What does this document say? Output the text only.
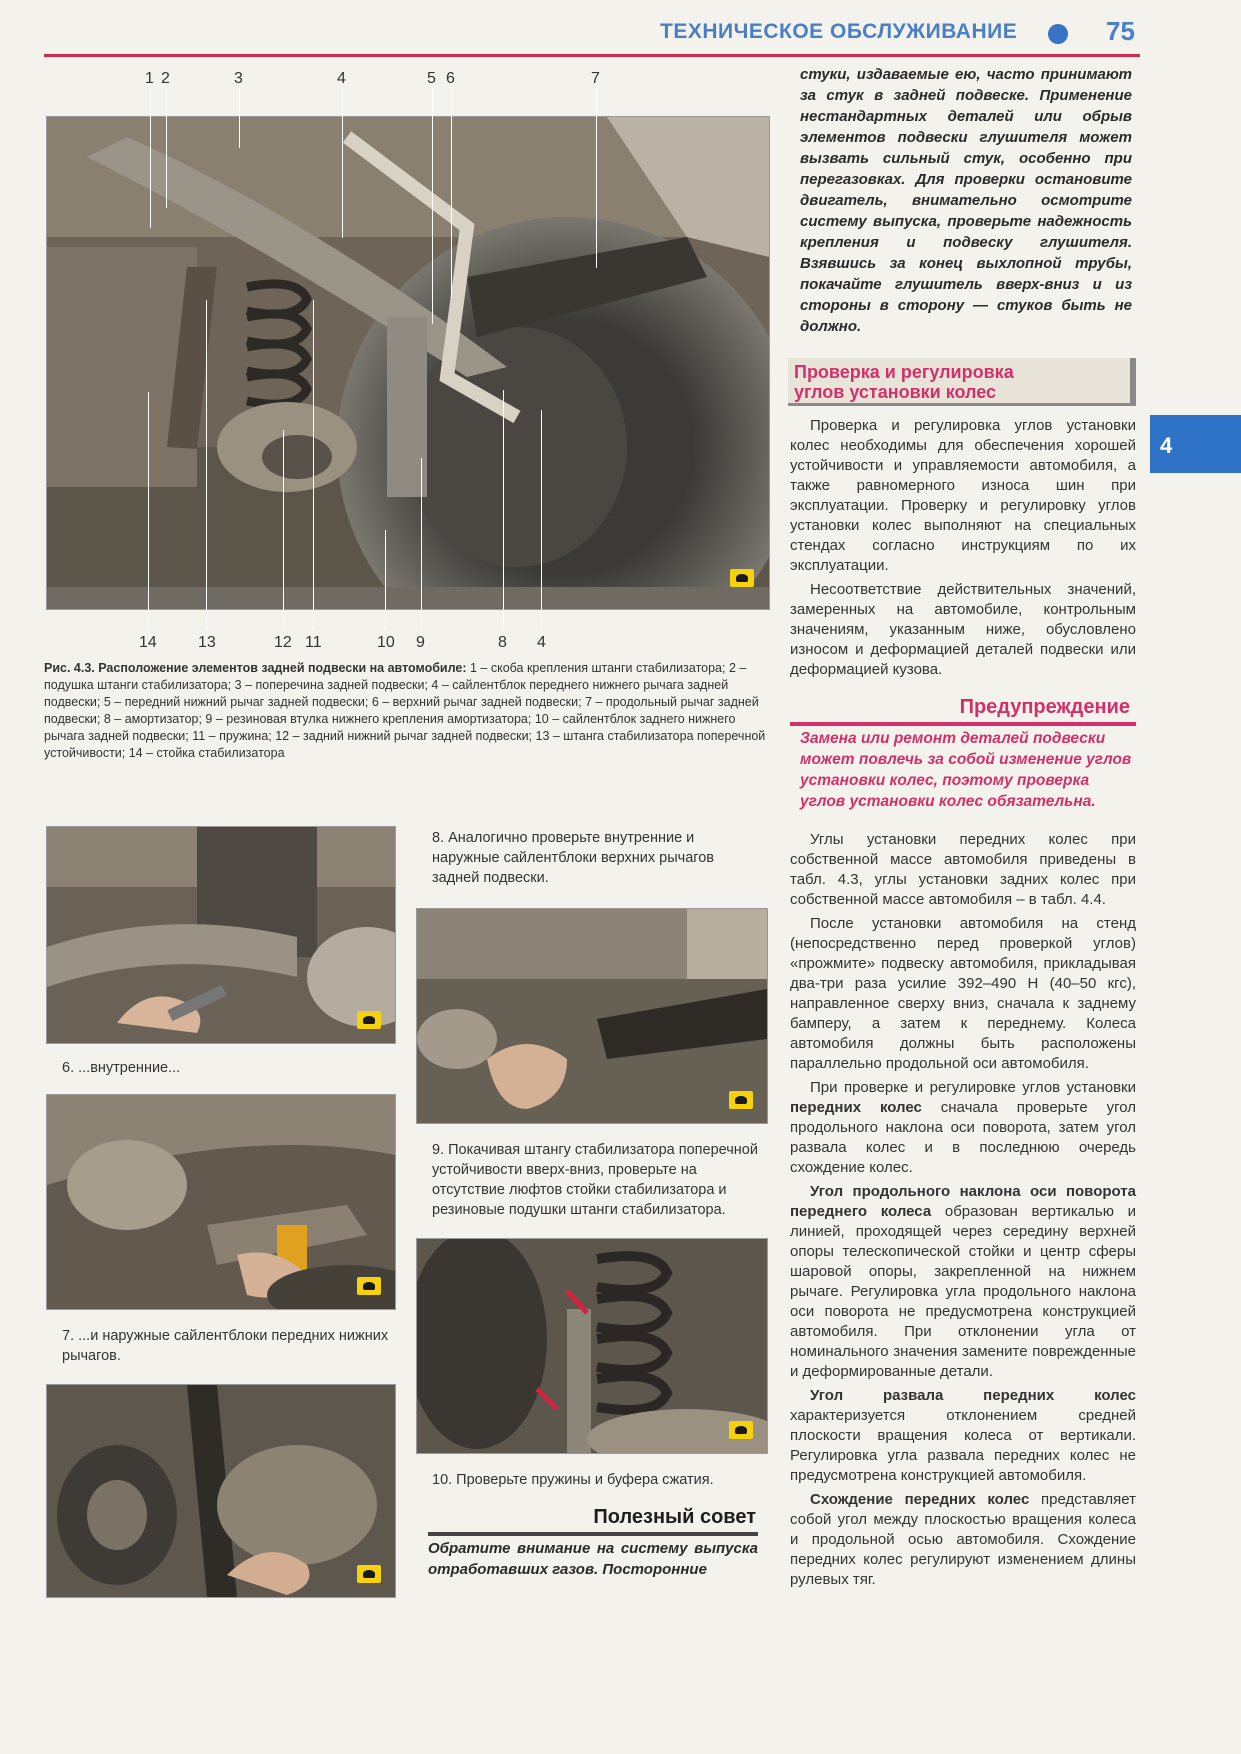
ТЕХНИЧЕСКОЕ ОБСЛУЖИВАНИЕ	75
4
1 2	3	4	5 6	7
14	13	12 11	10 9	8 4
Рис. 4.3. Расположение элементов задней подвески на автомобиле: 1 – скоба крепления штанги стабилизатора; 2 – подушка штанги стабилизатора; 3 – поперечина задней подвески; 4 – сайлентблок переднего нижнего рычага задней подвески; 5 – передний нижний рычаг задней подвески; 6 – верхний рычаг задней подвески; 7 – продольный рычаг задней подвески; 8 – амортизатор; 9 – резиновая втулка нижнего крепления амортизатора; 10 – сайлентблок заднего нижнего рычага задней подвески; 11 – пружина; 12 – задний нижний рычаг задней подвески; 13 – штанга стабилизатора поперечной устойчивости; 14 – стойка стабилизатора
6. ...внутренние...
7. ...и наружные сайлентблоки передних нижних рычагов.
8. Аналогично проверьте внутренние и наружные сайлентблоки верхних рычагов задней подвески.
9. Покачивая штангу стабилизатора поперечной устойчивости вверх-вниз, проверьте на отсутствие люфтов стойки стабилизатора и резиновые подушки штанги стабилизатора.
10. Проверьте пружины и буфера сжатия.
Полезный совет
Обратите внимание на систему выпуска отработавших газов. Посторонние
стуки, издаваемые ею, часто принимают за стук в задней подвеске. Применение нестандартных деталей или обрыв элементов подвески глушителя может вызвать сильный стук, особенно при перегазовках. Для проверки остановите двигатель, внимательно осмотрите систему выпуска, проверьте надежность крепления и подвеску глушителя. Взявшись за конец выхлопной трубы, покачайте глушитель вверх-вниз и из стороны в сторону — стуков быть не должно.
Проверка и регулировка
углов установки колес

Проверка и регулировка углов установки колес необходимы для обеспечения хорошей устойчивости и управляемости автомобиля, а также равномерного износа шин при эксплуатации. Проверку и регулировку углов установки колес выполняют на специальных стендах согласно инструкциям по их эксплуатации.

Несоответствие действительных значений, замеренных на автомобиле, контрольным значениям, указанным ниже, обусловлено износом и деформацией деталей подвески или деформацией кузова.

Предупреждение
Замена или ремонт деталей подвески может повлечь за собой изменение углов установки колес, поэтому проверка углов установки колес обязательна.

Углы установки передних колес при собственной массе автомобиля приведены в табл. 4.3, углы установки задних колес при собственной массе автомобиля – в табл. 4.4.

После установки автомобиля на стенд (непосредственно перед проверкой углов) «прожмите» подвеску автомобиля, прикладывая два-три раза усилие 392–490 Н (40–50 кгс), направленное сверху вниз, сначала к заднему бамперу, а затем к переднему. Колеса автомобиля должны быть расположены параллельно продольной оси автомобиля.

При проверке и регулировке углов установки передних колес сначала проверьте угол продольного наклона оси поворота, затем угол развала колес и в последнюю очередь схождение колес.

Угол продольного наклона оси поворота переднего колеса образован вертикалью и линией, проходящей через середину верхней опоры телескопической стойки и центр сферы шаровой опоры, закрепленной на нижнем рычаге. Регулировка угла продольного наклона оси поворота не предусмотрена конструкцией автомобиля. При отклонении угла от номинального значения замените поврежденные и деформированные детали.

Угол развала передних колес характеризуется отклонением средней плоскости вращения колеса от вертикали. Регулировка угла развала передних колес не предусмотрена конструкцией автомобиля.

Схождение передних колес представляет собой угол между плоскостью вращения колеса и продольной осью автомобиля. Схождение передних колес регулируют изменением длины рулевых тяг.
